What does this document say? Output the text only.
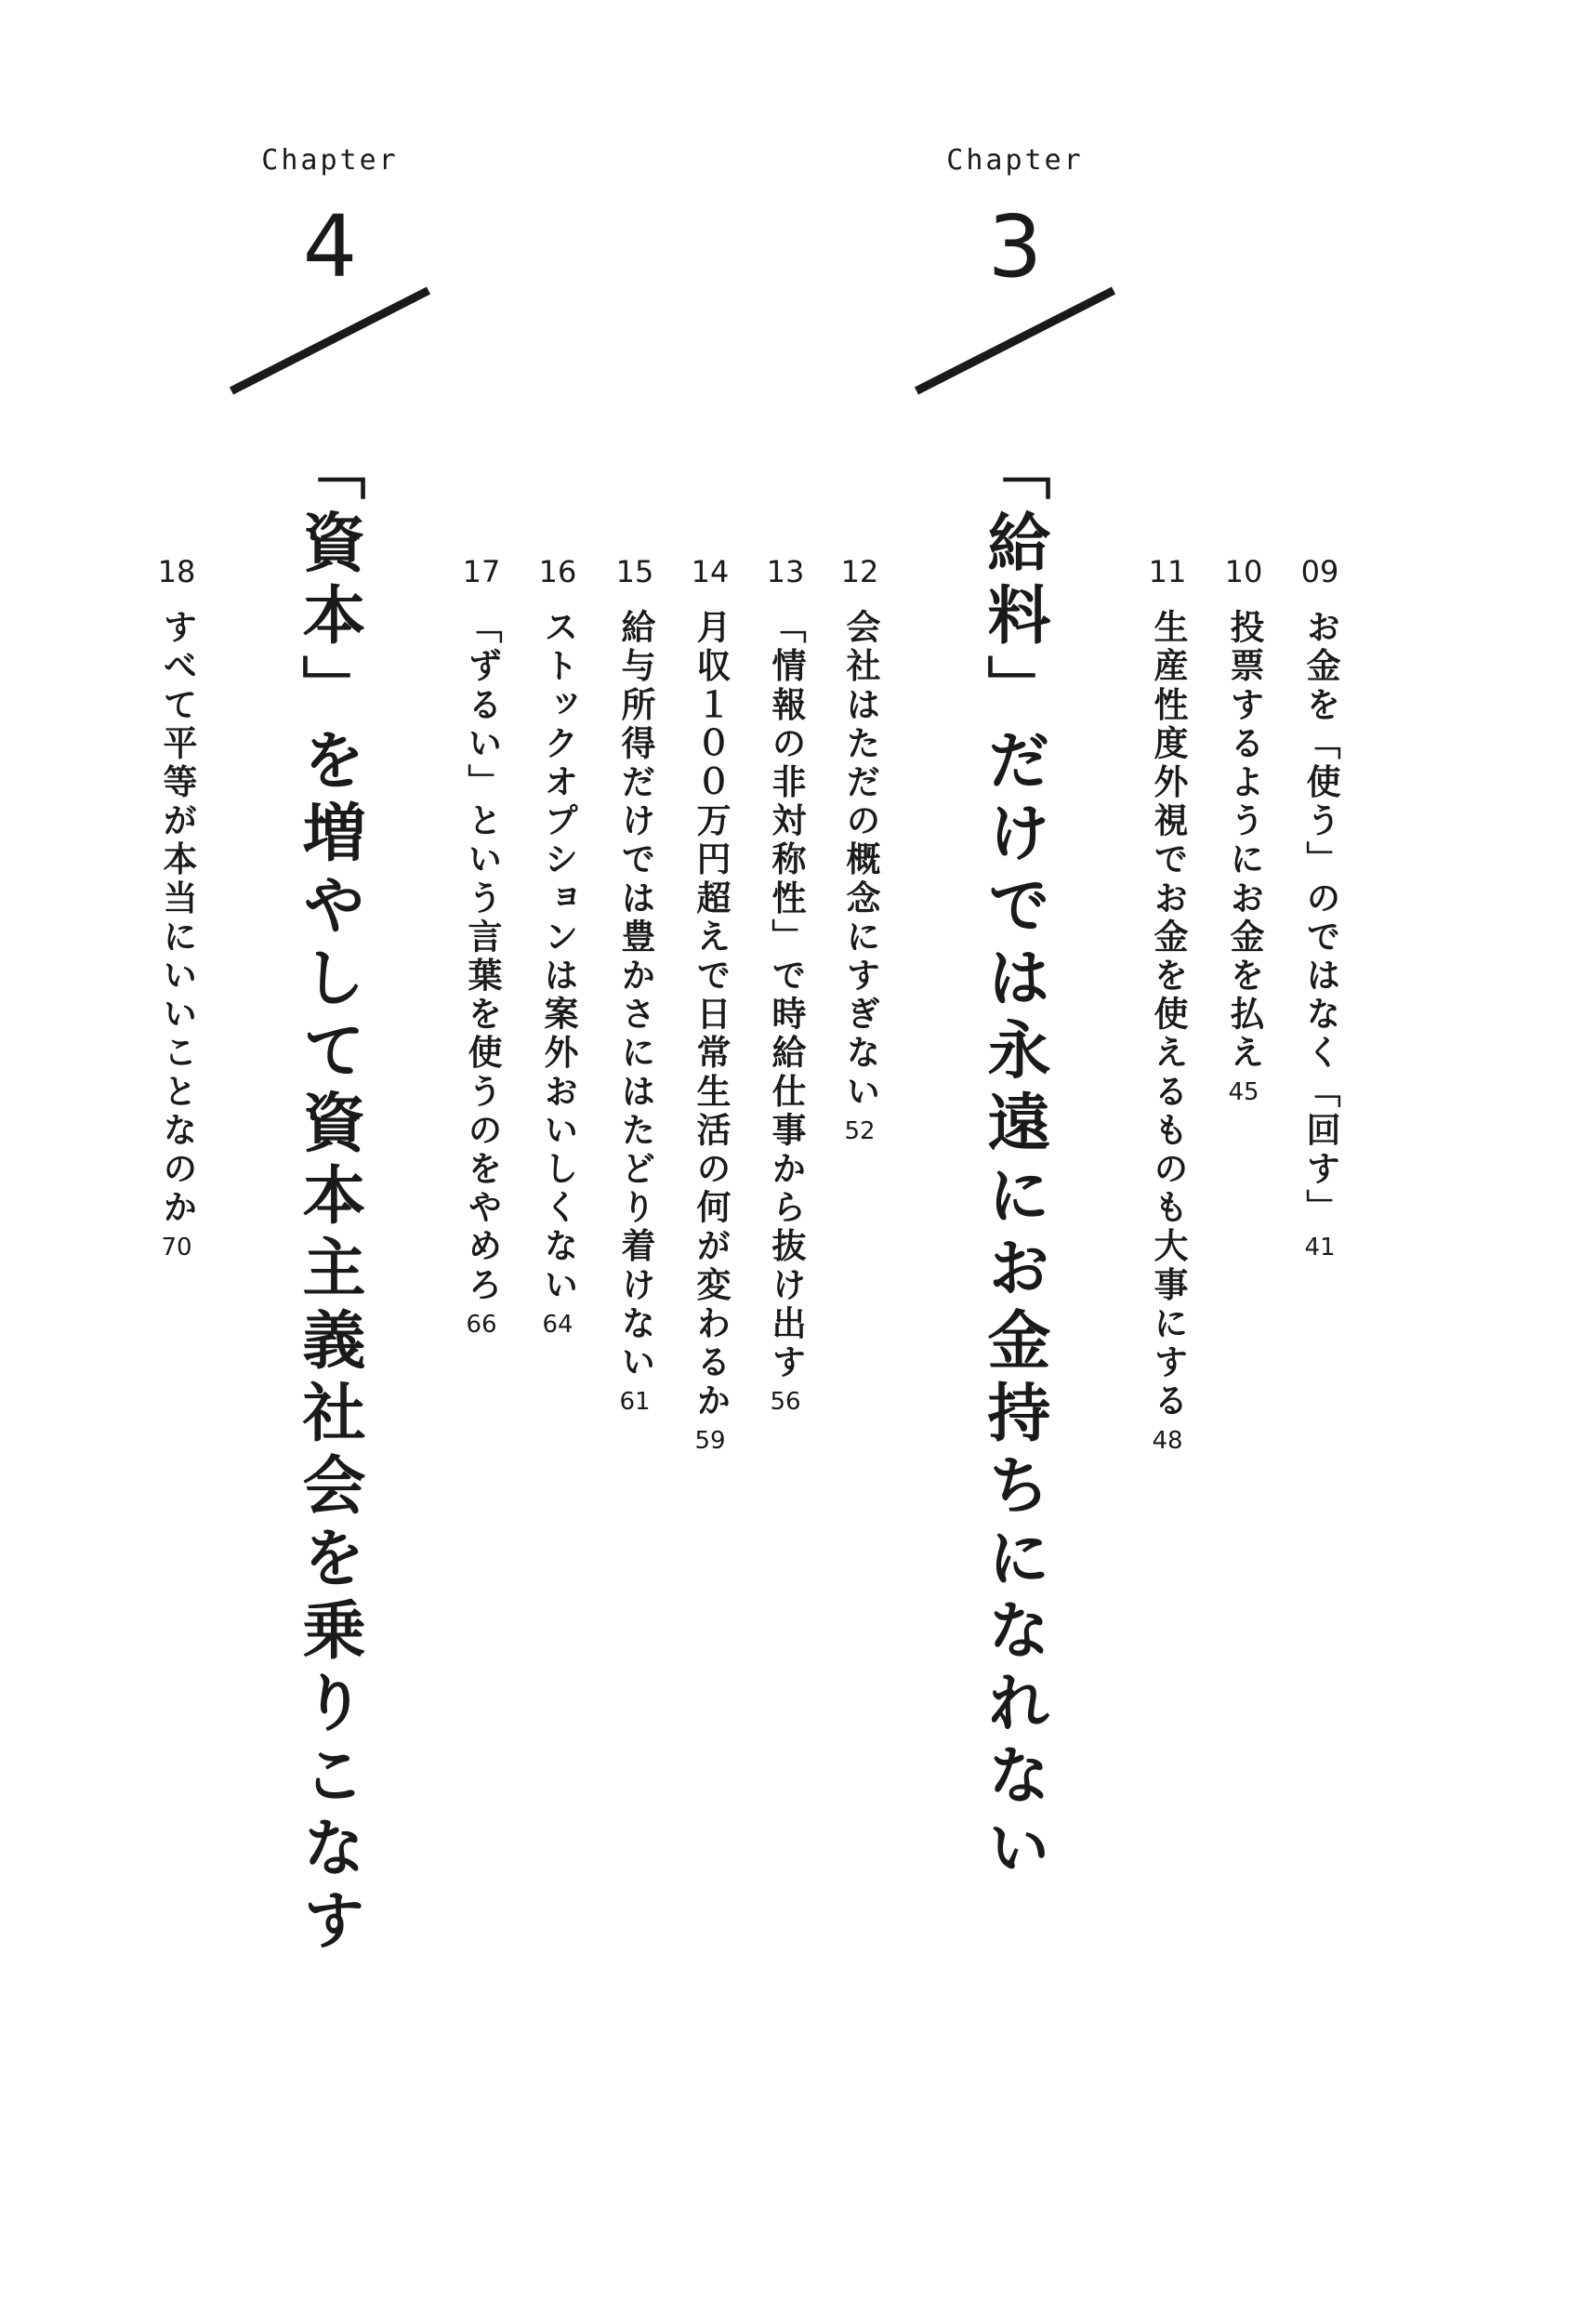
Chapter
3
「給料」だけでは永遠にお金持ちになれない
Chapter
4
「資本」を増やして資本主義社会を乗りこなす	09
お金を「使う」のではなく「回す」
41
10
投票するようにお金を払え
45
11
生産性度外視でお金を使えるものも大事にする
48
12
会社はただの概念にすぎない
52
13
「情報の非対称性」で時給仕事から抜け出す
56
14
月収１００万円超えで日常生活の何が変わるか
59
15
給与所得だけでは豊かさにはたどり着けない
61
16
ストックオプションは案外おいしくない
64
17
「ずるい」という言葉を使うのをやめろ
66
18
すべて平等が本当にいいことなのか
70
